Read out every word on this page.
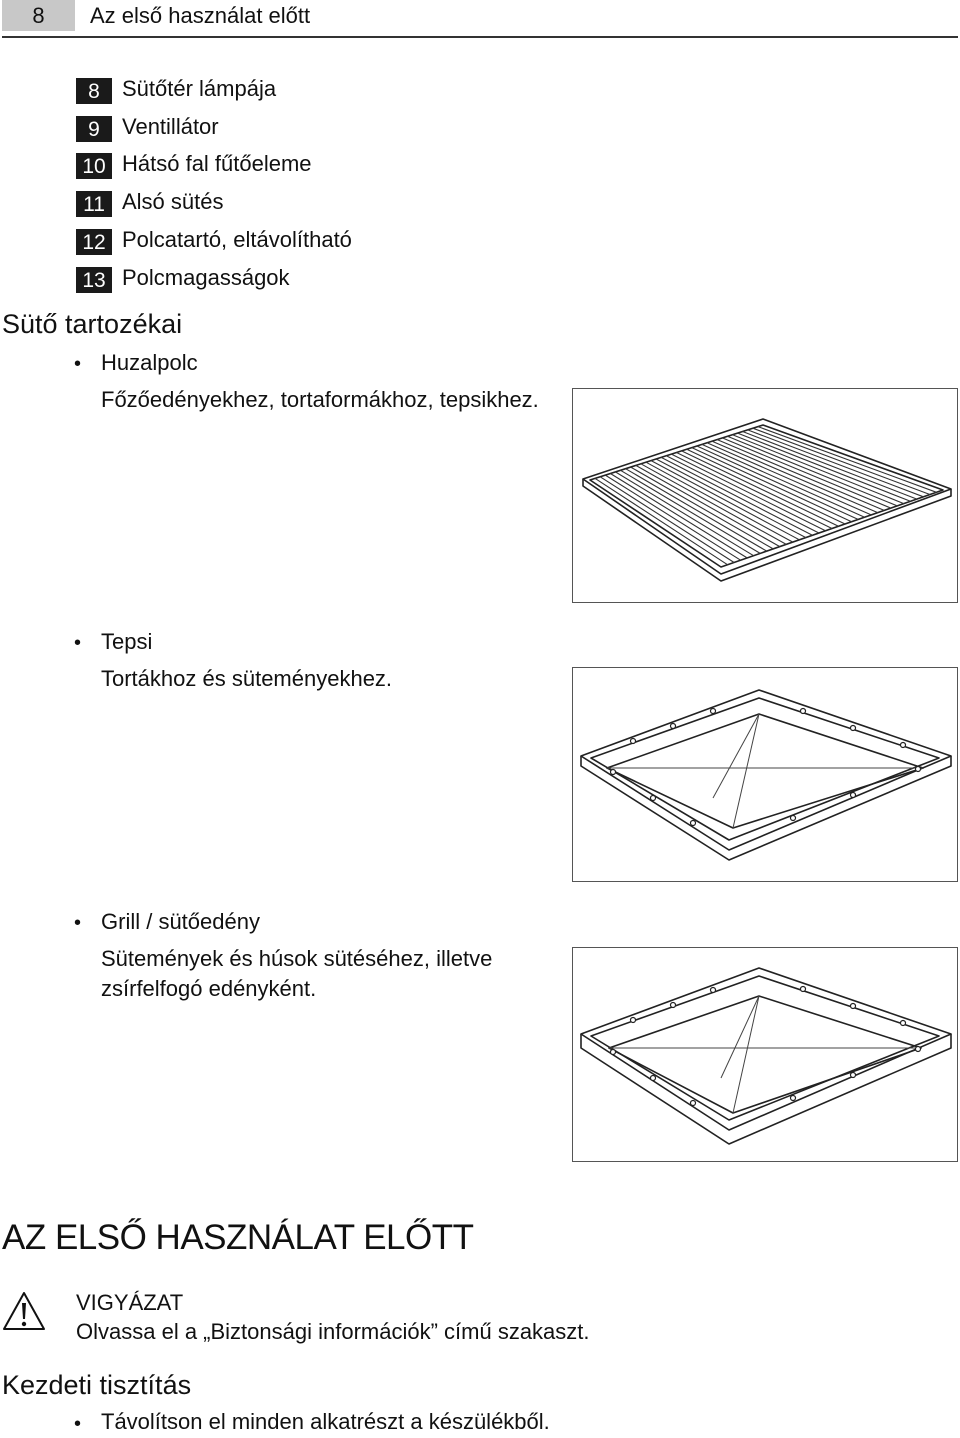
8	Az első használat előtt
8	Sütőtér lámpája
9	Ventillátor
10 Hátsó fal fűtőeleme
11 Alsó sütés
12 Polcatartó, eltávolítható
13 Polcmagasságok
Sütő tartozékai
• Huzalpolc
Főzőedényekhez, tortaformákhoz, tepsikhez.
• Tepsi
Tortákhoz és süteményekhez.
• Grill / sütőedény
Sütemények és húsok sütéséhez, illetve
zsírfelfogó edényként.
AZ ELSŐ HASZNÁLAT ELŐTT
VIGYÁZAT
Olvassa el a „Biztonsági információk” című szakaszt.
Kezdeti tisztítás
• Távolítson el minden alkatrészt a készülékből.
